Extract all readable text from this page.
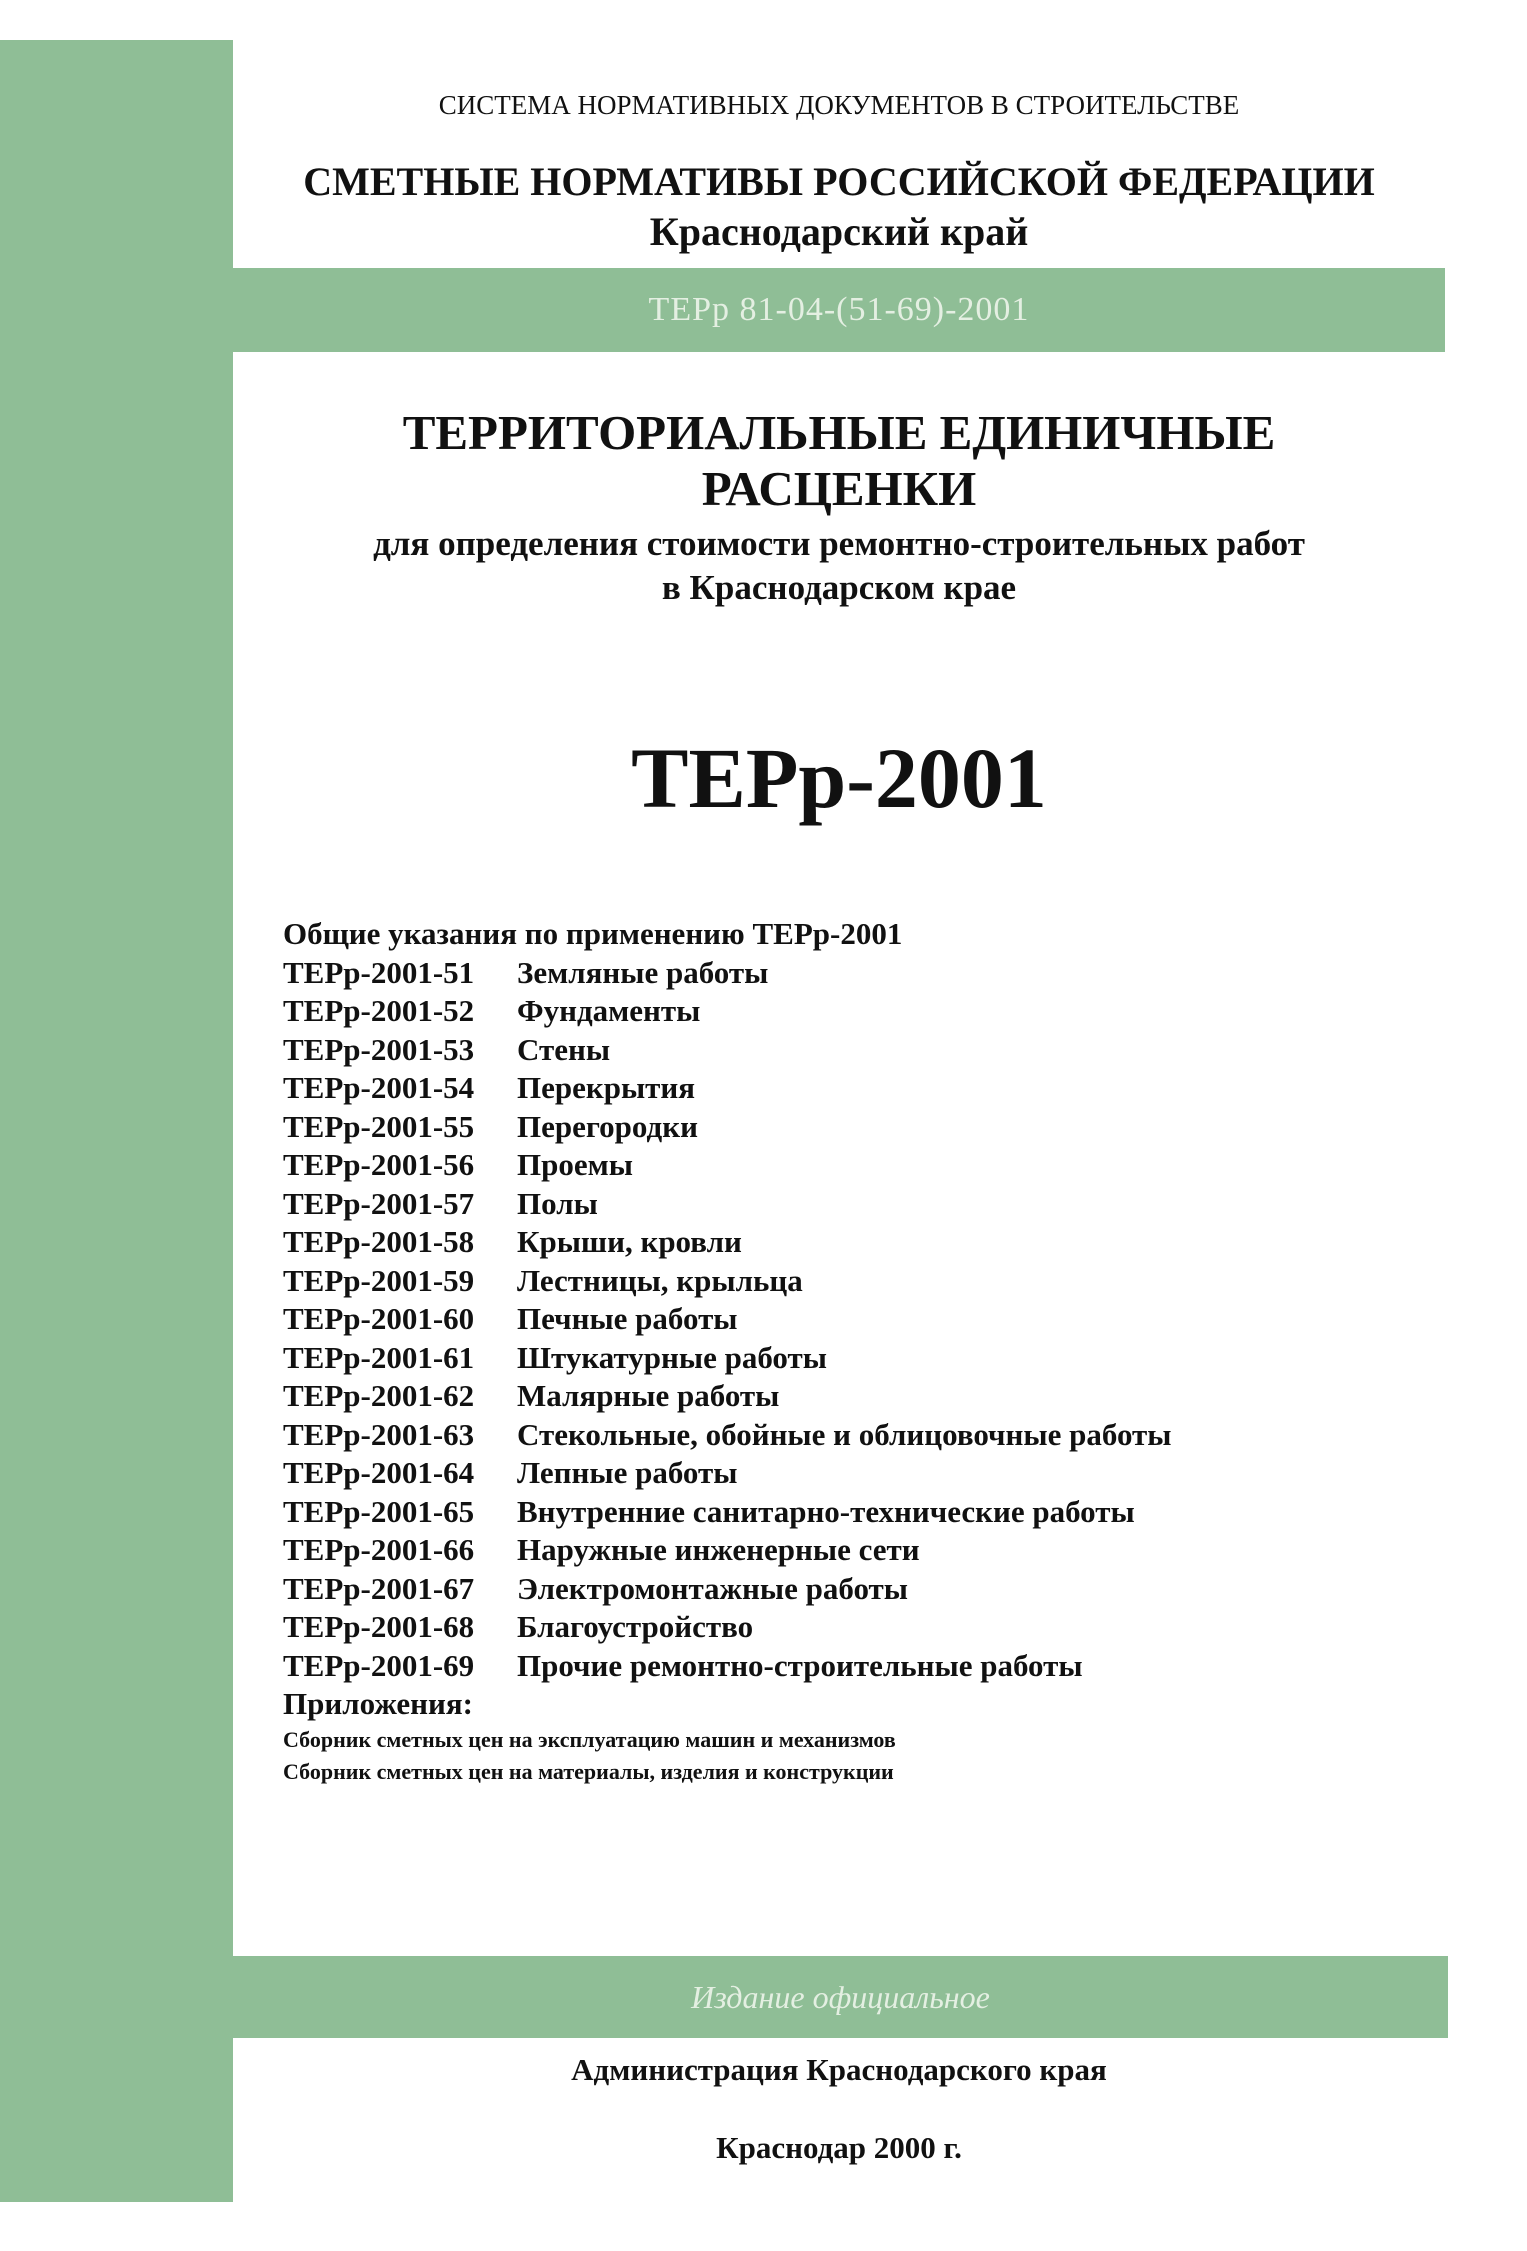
СИСТЕМА НОРМАТИВНЫХ ДОКУМЕНТОВ В СТРОИТЕЛЬСТВЕ
СМЕТНЫЕ НОРМАТИВЫ РОССИЙСКОЙ ФЕДЕРАЦИИ
Краснодарский край
ТЕРр 81-04-(51-69)-2001
ТЕРРИТОРИАЛЬНЫЕ ЕДИНИЧНЫЕ
РАСЦЕНКИ
для определения стоимости ремонтно-строительных работ
в Краснодарском крае
ТЕРр-2001
Общие указания по применению ТЕРр-2001
ТЕРр-2001-51 Земляные работы
ТЕРр-2001-52 Фундаменты
ТЕРр-2001-53 Стены
ТЕРр-2001-54 Перекрытия
ТЕРр-2001-55 Перегородки
ТЕРр-2001-56 Проемы
ТЕРр-2001-57 Полы
ТЕРр-2001-58 Крыши, кровли
ТЕРр-2001-59 Лестницы, крыльца
ТЕРр-2001-60 Печные работы
ТЕРр-2001-61 Штукатурные работы
ТЕРр-2001-62 Малярные работы
ТЕРр-2001-63 Стекольные, обойные и облицовочные работы
ТЕРр-2001-64 Лепные работы
ТЕРр-2001-65 Внутренние санитарно-технические работы
ТЕРр-2001-66 Наружные инженерные сети
ТЕРр-2001-67 Электромонтажные работы
ТЕРр-2001-68 Благоустройство
ТЕРр-2001-69 Прочие ремонтно-строительные работы
Приложения:
Сборник сметных цен на эксплуатацию машин и механизмов
Сборник сметных цен на материалы, изделия и конструкции
Издание официальное
Администрация Краснодарского края
Краснодар 2000 г.
